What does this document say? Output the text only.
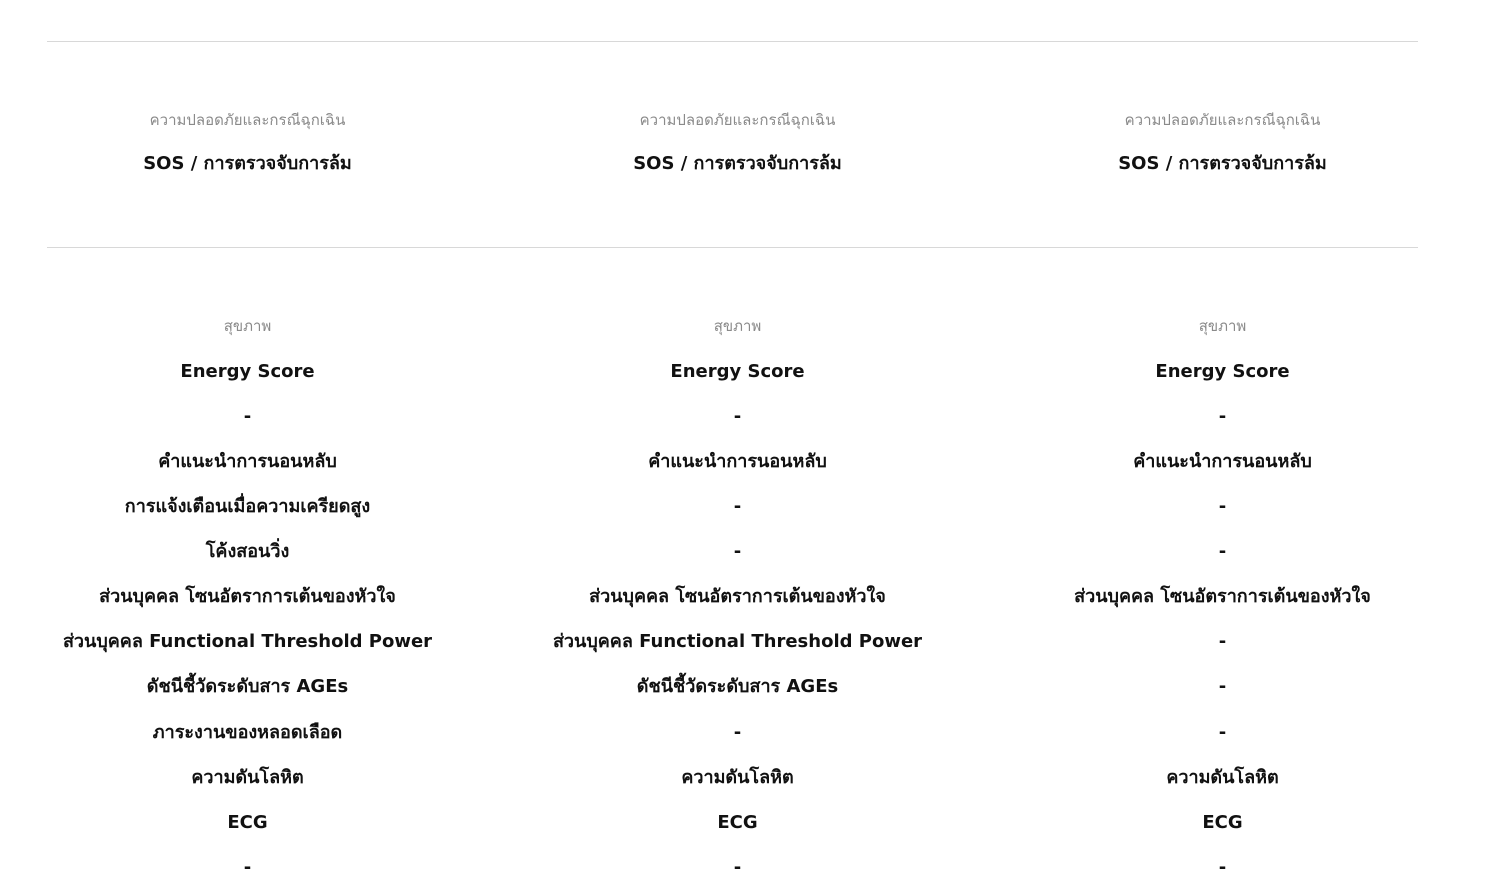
ความปลอดภัยและกรณีฉุกเฉิน	ความปลอดภัยและกรณีฉุกเฉิน	ความปลอดภัยและกรณีฉุกเฉิน
SOS / การตรวจจับการล้ม	SOS / การตรวจจับการล้ม	SOS / การตรวจจับการล้ม
สุขภาพ	สุขภาพ	สุขภาพ
Energy Score	Energy Score	Energy Score
-	-	-
คำแนะนำการนอนหลับ	คำแนะนำการนอนหลับ	คำแนะนำการนอนหลับ
การแจ้งเตือนเมื่อความเครียดสูง	-	-
โค้งสอนวิ่ง	-	-
ส่วนบุคคล โซนอัตราการเต้นของหัวใจ	ส่วนบุคคล โซนอัตราการเต้นของหัวใจ	ส่วนบุคคล โซนอัตราการเต้นของหัวใจ
ส่วนบุคคล Functional Threshold Power	ส่วนบุคคล Functional Threshold Power	-
ดัชนีชี้วัดระดับสาร AGEs	ดัชนีชี้วัดระดับสาร AGEs	-
ภาระงานของหลอดเลือด	-	-
ความดันโลหิต	ความดันโลหิต	ความดันโลหิต
ECG	ECG	ECG
-	-	-
